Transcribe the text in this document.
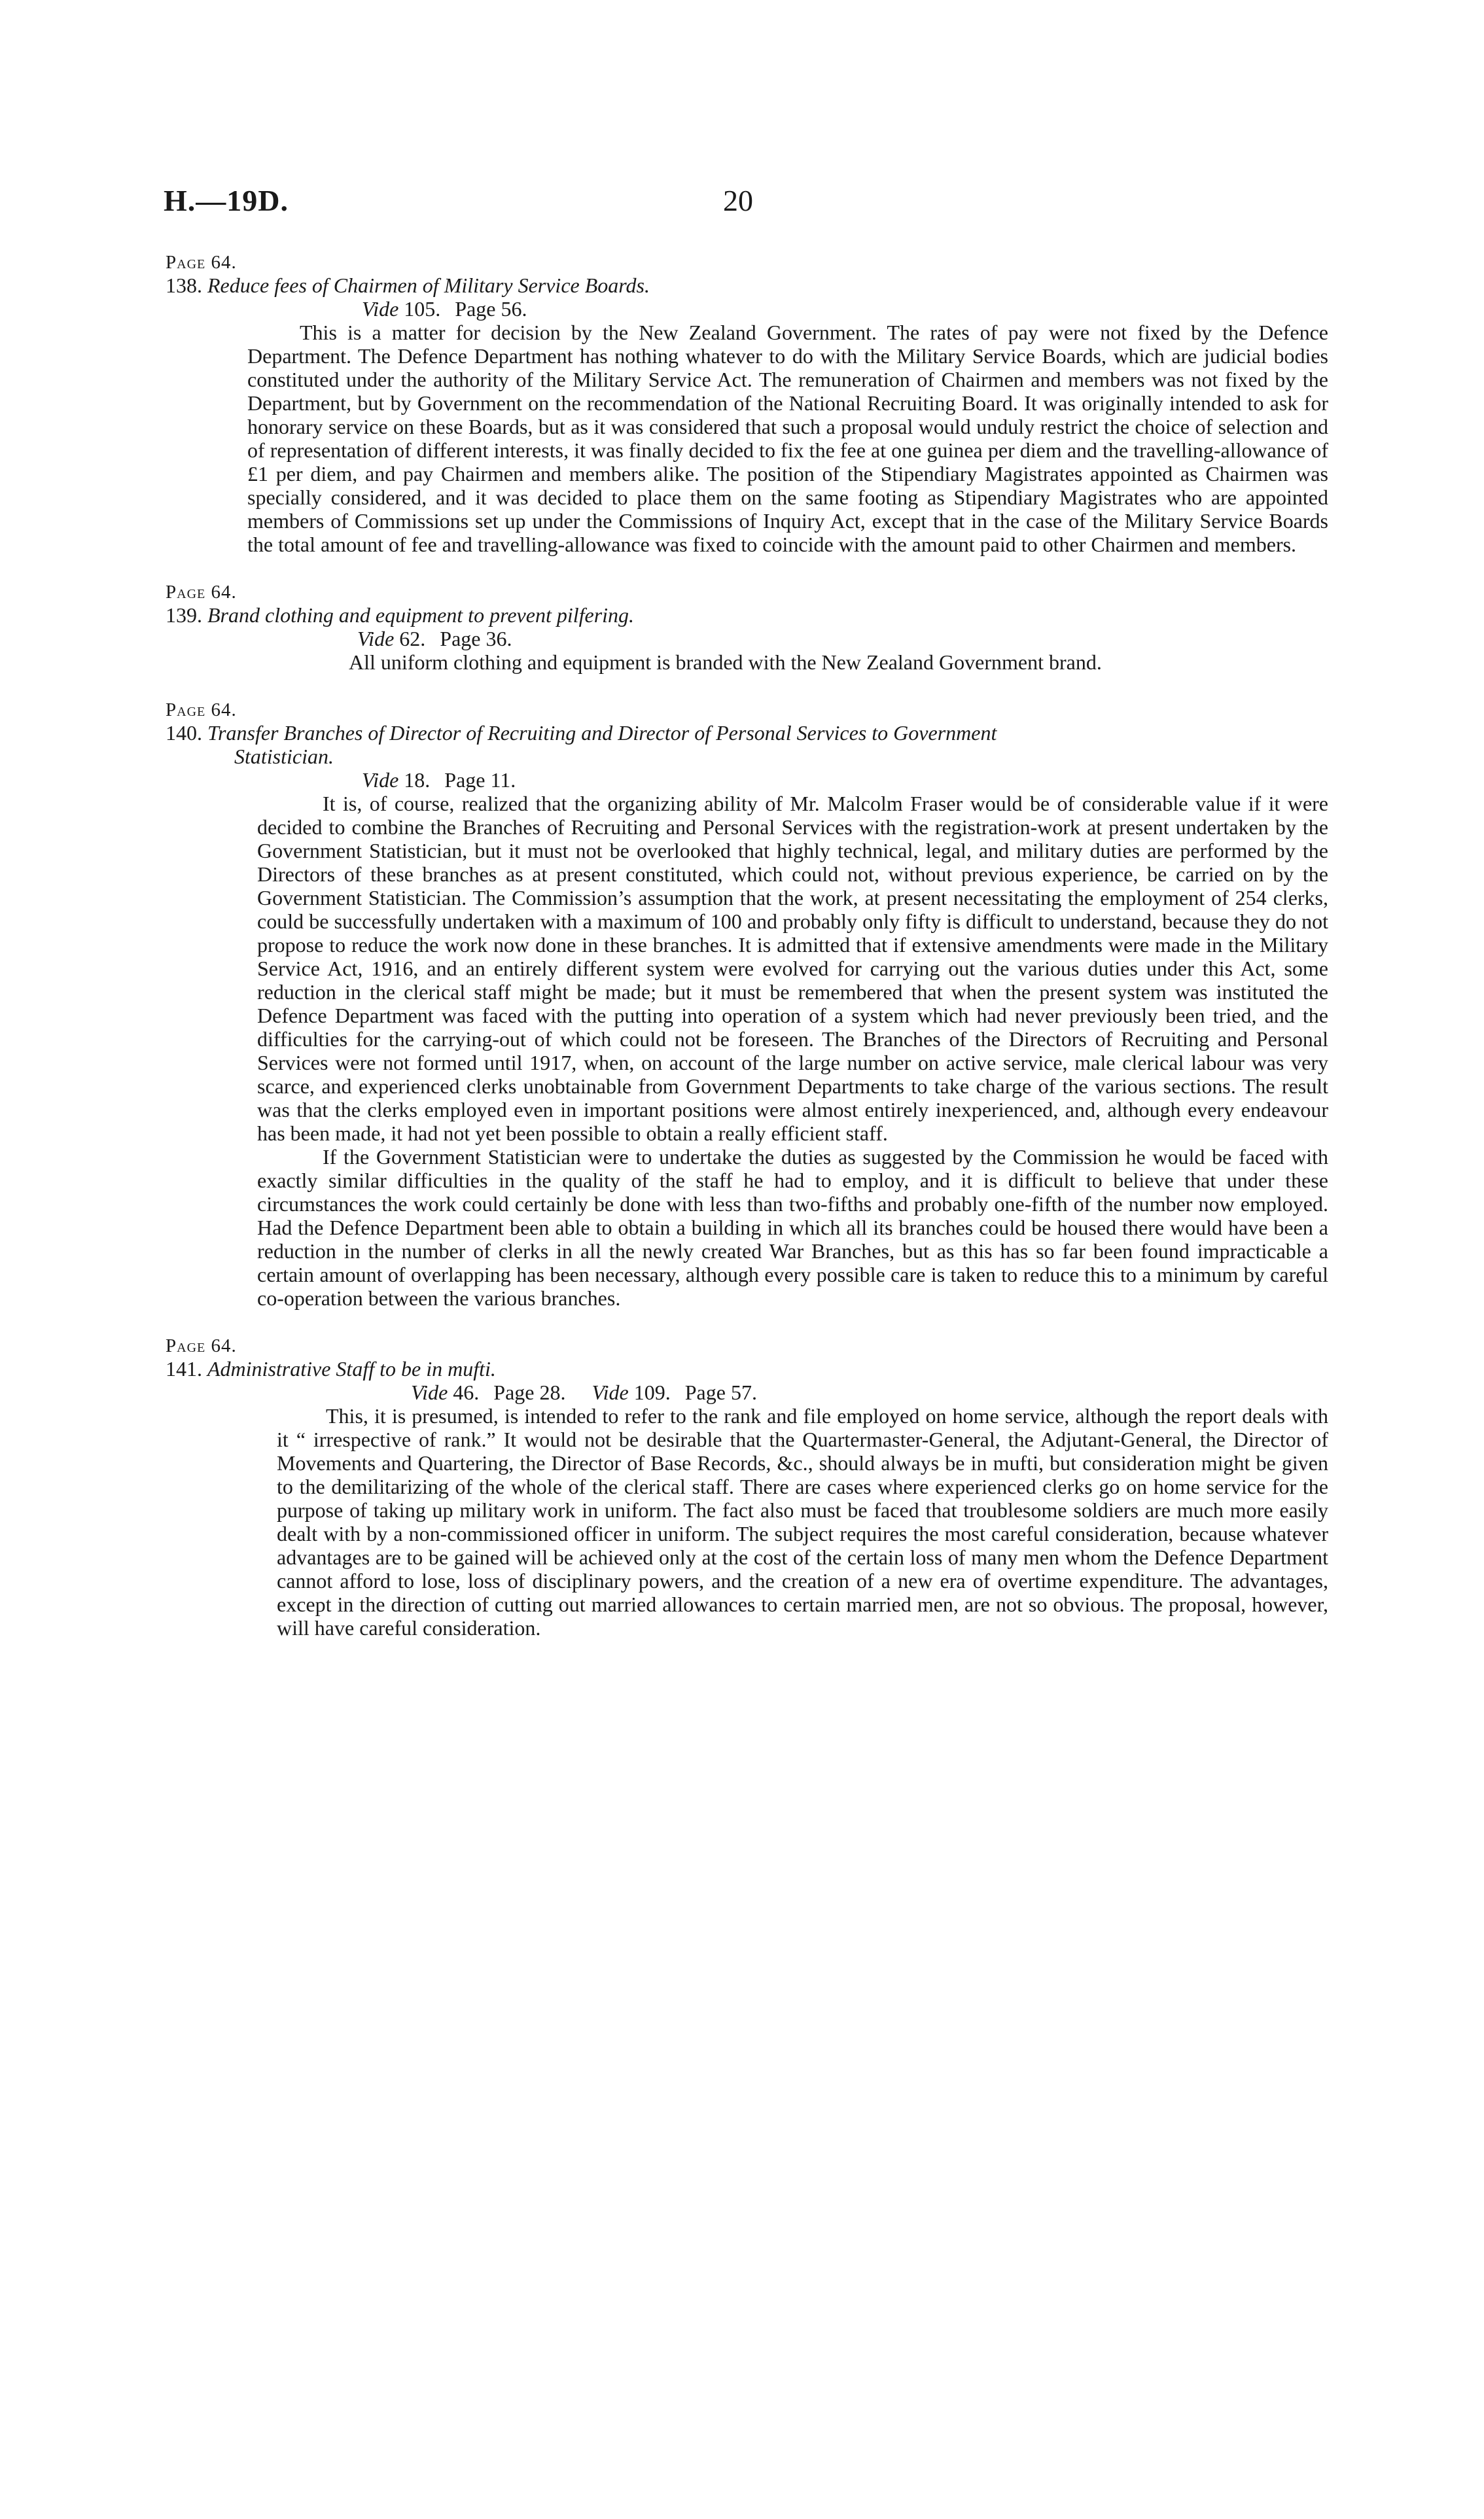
H.—19D.	20

Page 64.

138. Reduce fees of Chairmen of Military Service Boards.

Vide 105. Page 56.

This is a matter for decision by the New Zealand Government. The rates of pay were not fixed by the Defence Department. The Defence Department has nothing whatever to do with the Military Service Boards, which are judicial bodies constituted under the authority of the Military Service Act. The remuneration of Chairmen and members was not fixed by the Department, but by Government on the recommendation of the National Recruiting Board. It was originally intended to ask for honorary service on these Boards, but as it was considered that such a proposal would unduly restrict the choice of selection and of representation of different interests, it was finally decided to fix the fee at one guinea per diem and the travelling-allowance of £1 per diem, and pay Chairmen and members alike. The position of the Stipendiary Magistrates appointed as Chairmen was specially considered, and it was decided to place them on the same footing as Stipendiary Magistrates who are appointed members of Commissions set up under the Commissions of Inquiry Act, except that in the case of the Military Service Boards the total amount of fee and travelling-allowance was fixed to coincide with the amount paid to other Chairmen and members.

Page 64.

139. Brand clothing and equipment to prevent pilfering.

Vide 62. Page 36.

All uniform clothing and equipment is branded with the New Zealand Government brand.

Page 64.

140. Transfer Branches of Director of Recruiting and Director of Personal Services to Government

Statistician.

Vide 18. Page 11.

It is, of course, realized that the organizing ability of Mr. Malcolm Fraser would be of considerable value if it were decided to combine the Branches of Recruiting and Personal Services with the registration-work at present undertaken by the Government Statistician, but it must not be overlooked that highly technical, legal, and military duties are performed by the Directors of these branches as at present constituted, which could not, without previous experience, be carried on by the Government Statistician. The Commission’s assumption that the work, at present necessitating the employment of 254 clerks, could be successfully undertaken with a maximum of 100 and probably only fifty is difficult to understand, because they do not propose to reduce the work now done in these branches. It is admitted that if extensive amendments were made in the Military Service Act, 1916, and an entirely different system were evolved for carrying out the various duties under this Act, some reduction in the clerical staff might be made; but it must be remembered that when the present system was instituted the Defence Department was faced with the putting into operation of a system which had never previously been tried, and the difficulties for the carrying-out of which could not be foreseen. The Branches of the Directors of Recruiting and Personal Services were not formed until 1917, when, on account of the large number on active service, male clerical labour was very scarce, and experienced clerks unobtainable from Government Departments to take charge of the various sections. The result was that the clerks employed even in important positions were almost entirely inexperienced, and, although every endeavour has been made, it had not yet been possible to obtain a really efficient staff.

If the Government Statistician were to undertake the duties as suggested by the Commission he would be faced with exactly similar difficulties in the quality of the staff he had to employ, and it is difficult to believe that under these circumstances the work could certainly be done with less than two-fifths and probably one-fifth of the number now employed. Had the Defence Department been able to obtain a building in which all its branches could be housed there would have been a reduction in the number of clerks in all the newly created War Branches, but as this has so far been found impracticable a certain amount of overlapping has been necessary, although every possible care is taken to reduce this to a minimum by careful co-operation between the various branches.

Page 64.

141. Administrative Staff to be in mufti.

Vide 46. Page 28. Vide 109. Page 57.

This, it is presumed, is intended to refer to the rank and file employed on home service, although the report deals with it “ irrespective of rank.” It would not be desirable that the Quartermaster-General, the Adjutant-General, the Director of Movements and Quartering, the Director of Base Records, &c., should always be in mufti, but consideration might be given to the demilitarizing of the whole of the clerical staff. There are cases where experienced clerks go on home service for the purpose of taking up military work in uniform. The fact also must be faced that troublesome soldiers are much more easily dealt with by a non-commissioned officer in uniform. The subject requires the most careful consideration, because whatever advantages are to be gained will be achieved only at the cost of the certain loss of many men whom the Defence Department cannot afford to lose, loss of disciplinary powers, and the creation of a new era of overtime expenditure. The advantages, except in the direction of cutting out married allowances to certain married men, are not so obvious. The proposal, however, will have careful consideration.
